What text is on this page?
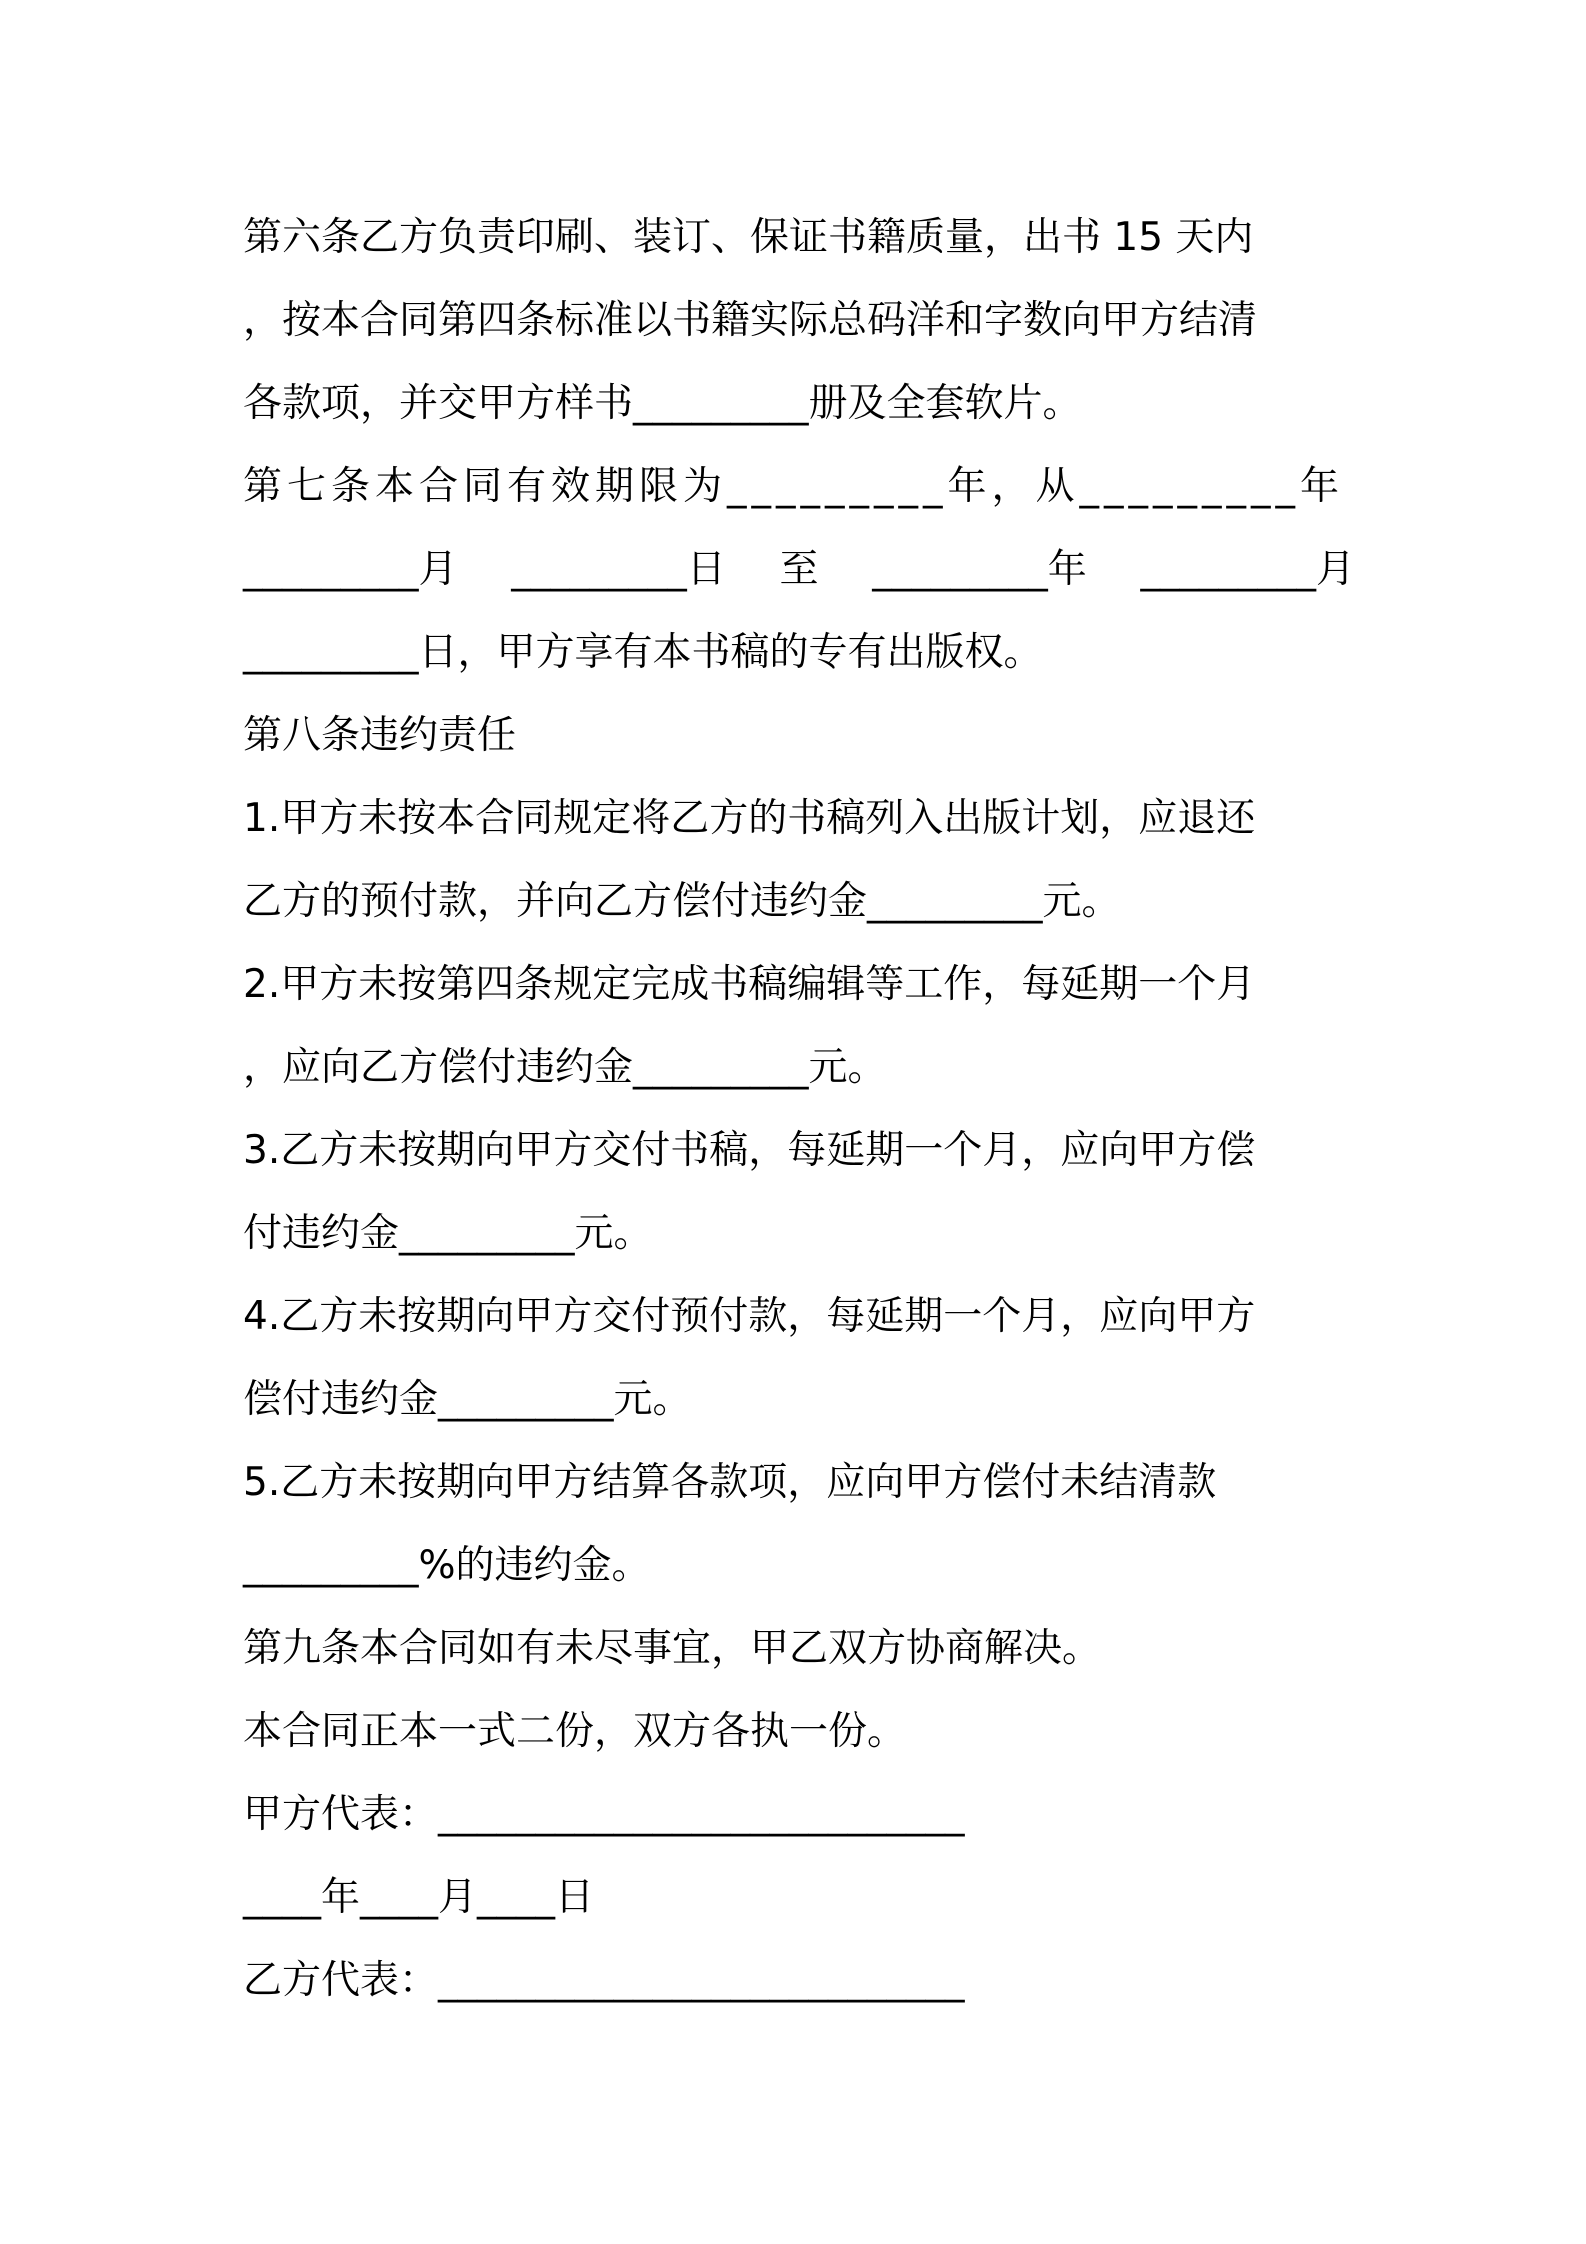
第六条乙方负责印刷、装订、保证书籍质量，出书 15 天内
，按本合同第四条标准以书籍实际总码洋和字数向甲方结清
各款项，并交甲方样书_________册及全套软片。
第七条本合同有效期限为_________年，从_________年
_________月 _________日 至 _________年 _________月
_________日，甲方享有本书稿的专有出版权。
第八条违约责任
1.甲方未按本合同规定将乙方的书稿列入出版计划，应退还
乙方的预付款，并向乙方偿付违约金_________元。
2.甲方未按第四条规定完成书稿编辑等工作，每延期一个月
，应向乙方偿付违约金_________元。
3.乙方未按期向甲方交付书稿，每延期一个月，应向甲方偿
付违约金_________元。
4.乙方未按期向甲方交付预付款，每延期一个月，应向甲方
偿付违约金_________元。
5.乙方未按期向甲方结算各款项，应向甲方偿付未结清款
_________%的违约金。
第九条本合同如有未尽事宜，甲乙双方协商解决。
本合同正本一式二份，双方各执一份。
甲方代表：___________________________
____年____月____日
乙方代表：___________________________
